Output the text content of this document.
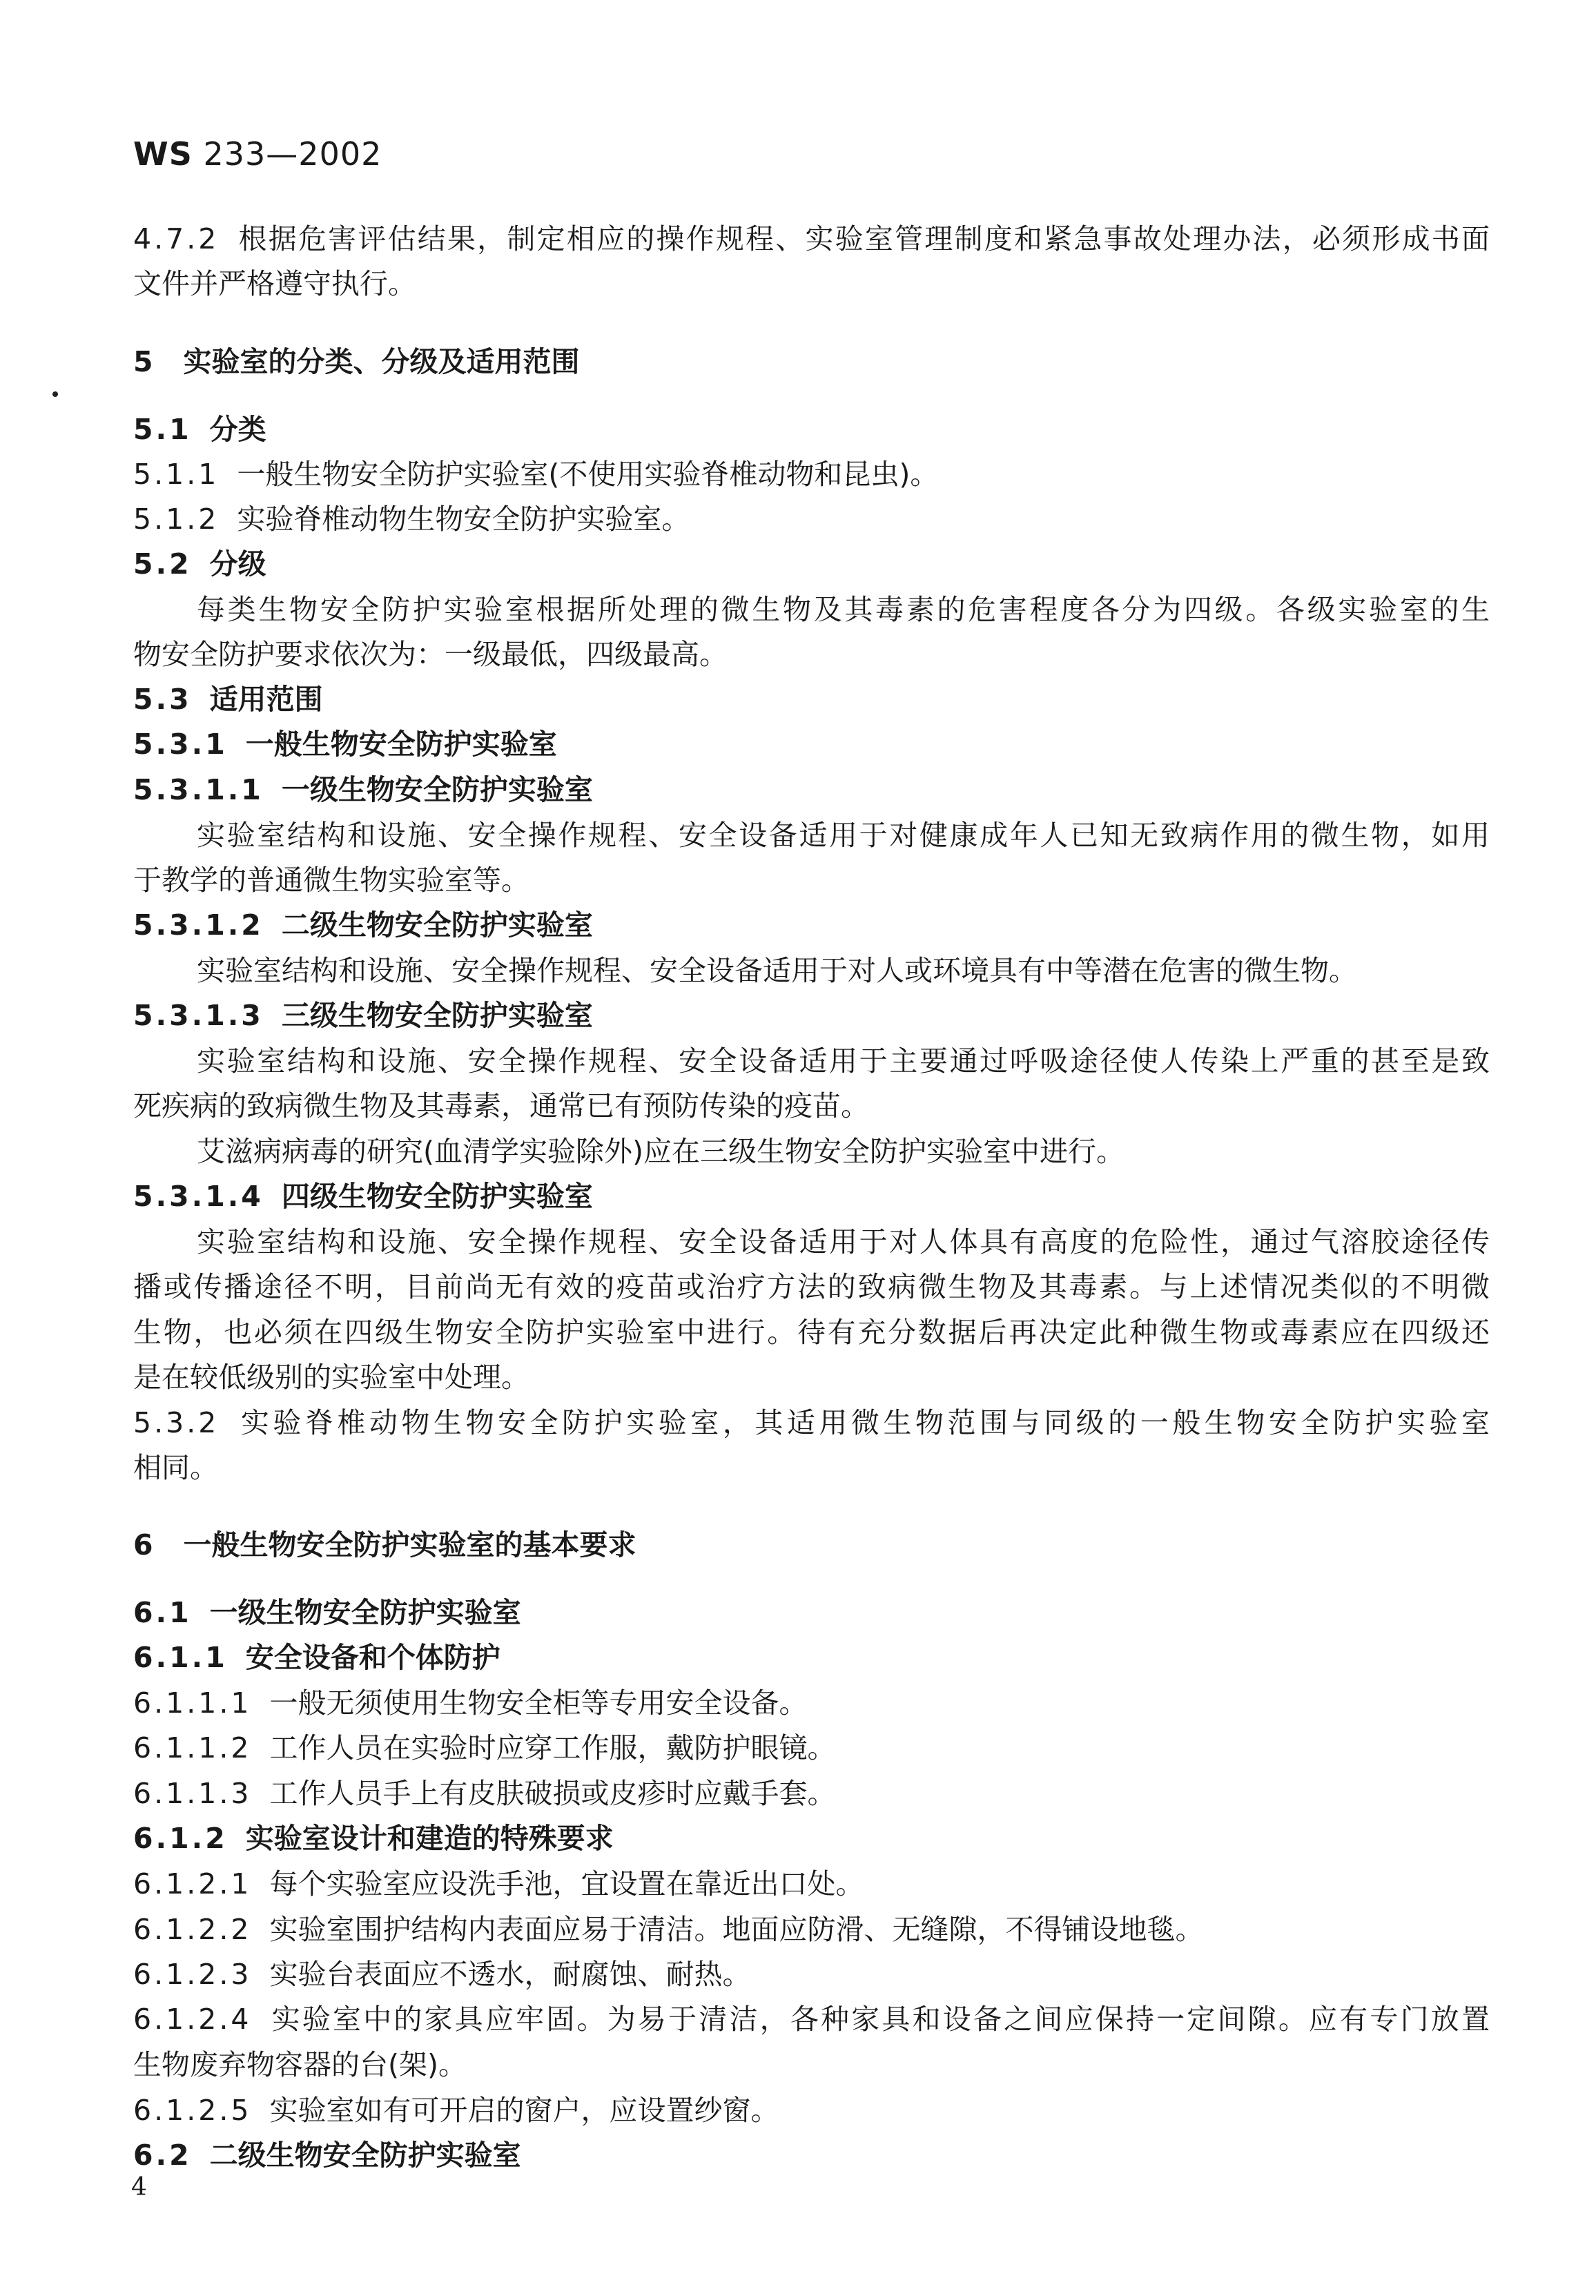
WS 233—2002
4.7.2 根据危害评估结果，制定相应的操作规程、实验室管理制度和紧急事故处理办法，必须形成书面
文件并严格遵守执行。
5 实验室的分类、分级及适用范围
5.1 分类
5.1.1 一般生物安全防护实验室(不使用实验脊椎动物和昆虫)。
5.1.2 实验脊椎动物生物安全防护实验室。
5.2 分级
每类生物安全防护实验室根据所处理的微生物及其毒素的危害程度各分为四级。各级实验室的生
物安全防护要求依次为：一级最低，四级最高。
5.3 适用范围
5.3.1 一般生物安全防护实验室
5.3.1.1 一级生物安全防护实验室
实验室结构和设施、安全操作规程、安全设备适用于对健康成年人已知无致病作用的微生物，如用
于教学的普通微生物实验室等。
5.3.1.2 二级生物安全防护实验室
实验室结构和设施、安全操作规程、安全设备适用于对人或环境具有中等潜在危害的微生物。
5.3.1.3 三级生物安全防护实验室
实验室结构和设施、安全操作规程、安全设备适用于主要通过呼吸途径使人传染上严重的甚至是致
死疾病的致病微生物及其毒素，通常已有预防传染的疫苗。
艾滋病病毒的研究(血清学实验除外)应在三级生物安全防护实验室中进行。
5.3.1.4 四级生物安全防护实验室
实验室结构和设施、安全操作规程、安全设备适用于对人体具有高度的危险性，通过气溶胶途径传
播或传播途径不明，目前尚无有效的疫苗或治疗方法的致病微生物及其毒素。与上述情况类似的不明微
生物，也必须在四级生物安全防护实验室中进行。待有充分数据后再决定此种微生物或毒素应在四级还
是在较低级别的实验室中处理。
5.3.2 实验脊椎动物生物安全防护实验室，其适用微生物范围与同级的一般生物安全防护实验室
相同。
6 一般生物安全防护实验室的基本要求
6.1 一级生物安全防护实验室
6.1.1 安全设备和个体防护
6.1.1.1 一般无须使用生物安全柜等专用安全设备。
6.1.1.2 工作人员在实验时应穿工作服，戴防护眼镜。
6.1.1.3 工作人员手上有皮肤破损或皮疹时应戴手套。
6.1.2 实验室设计和建造的特殊要求
6.1.2.1 每个实验室应设洗手池，宜设置在靠近出口处。
6.1.2.2 实验室围护结构内表面应易于清洁。地面应防滑、无缝隙，不得铺设地毯。
6.1.2.3 实验台表面应不透水，耐腐蚀、耐热。
6.1.2.4 实验室中的家具应牢固。为易于清洁，各种家具和设备之间应保持一定间隙。应有专门放置
生物废弃物容器的台(架)。
6.1.2.5 实验室如有可开启的窗户，应设置纱窗。
6.2 二级生物安全防护实验室
4
